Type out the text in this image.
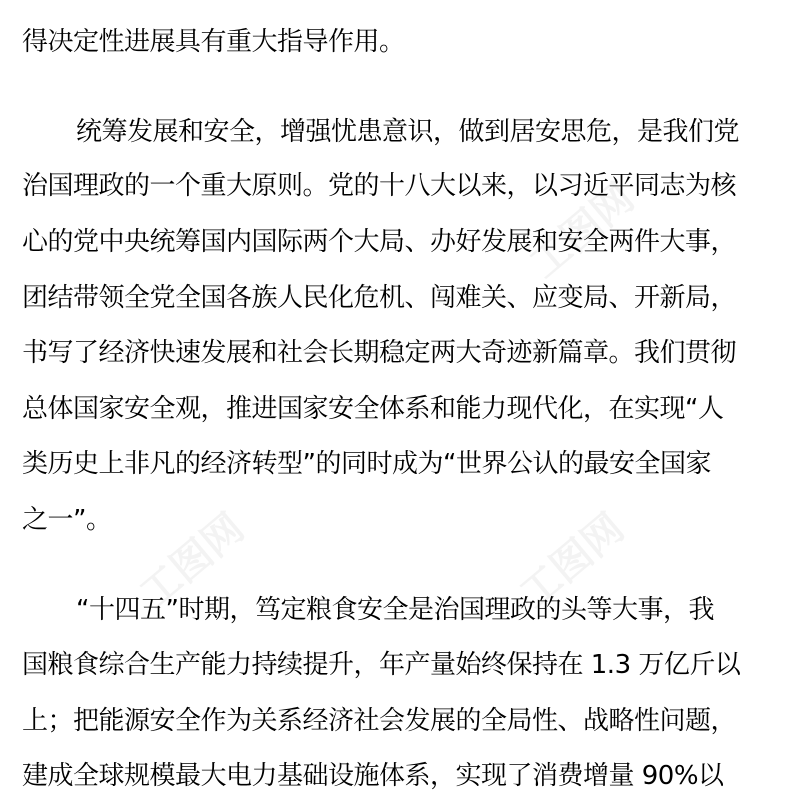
工图网
工图网	工图网
得决定性进展具有重大指导作用。
统筹发展和安全，增强忧患意识，做到居安思危，是我们党
治国理政的一个重大原则。党的十八大以来，以习近平同志为核
心的党中央统筹国内国际两个大局、办好发展和安全两件大事，
团结带领全党全国各族人民化危机、闯难关、应变局、开新局，
书写了经济快速发展和社会长期稳定两大奇迹新篇章。我们贯彻
总体国家安全观，推进国家安全体系和能力现代化，在实现“人
类历史上非凡的经济转型”的同时成为“世界公认的最安全国家
之一”。
“十四五”时期，笃定粮食安全是治国理政的头等大事，我
国粮食综合生产能力持续提升，年产量始终保持在 1.3 万亿斤以
上；把能源安全作为关系经济社会发展的全局性、战略性问题，
建成全球规模最大电力基础设施体系，实现了消费增量 90%以
